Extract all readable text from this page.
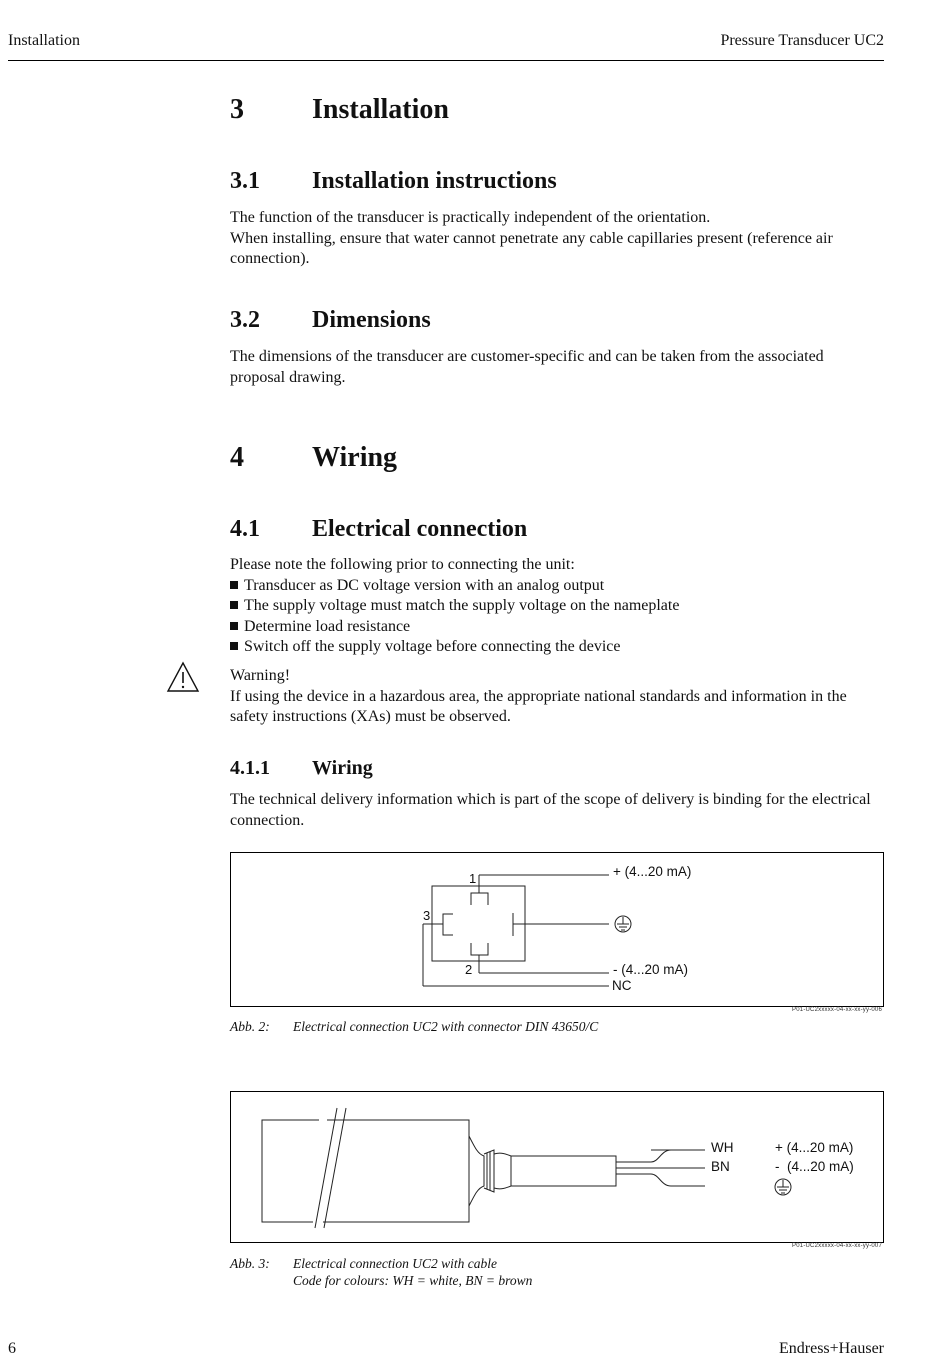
Installation	Pressure Transducer UC2
3 Installation
3.1 Installation instructions

The function of the transducer is practically independent of the orientation.

When installing, ensure that water cannot penetrate any cable capillaries present (reference air

connection).

3.2 Dimensions

The dimensions of the transducer are customer-specific and can be taken from the associated

proposal drawing.

4 Wiring
4.1 Electrical connection

Please note the following prior to connecting the unit:

Transducer as DC voltage version with an analog output
The supply voltage must match the supply voltage on the nameplate
Determine load resistance
Switch off the supply voltage before connecting the device

Warning!

If using the device in a hazardous area, the appropriate national standards and information in the

safety instructions (XAs) must be observed.

4.1.1 Wiring

The technical delivery information which is part of the scope of delivery is binding for the electrical

connection.

1
2
3
+ (4...20 mA)
- (4...20 mA)
NC
P01-UC2xxxxx-04-xx-xx-yy-006
Abb. 2: Electrical connection UC2 with connector DIN 43650/C
WH
BN
+ (4...20 mA)
-  (4...20 mA)
P01-UC2xxxxx-04-xx-xx-yy-007
Abb. 3: Electrical connection UC2 with cable
Code for colours: WH = white, BN = brown
6	Endress+Hauser
